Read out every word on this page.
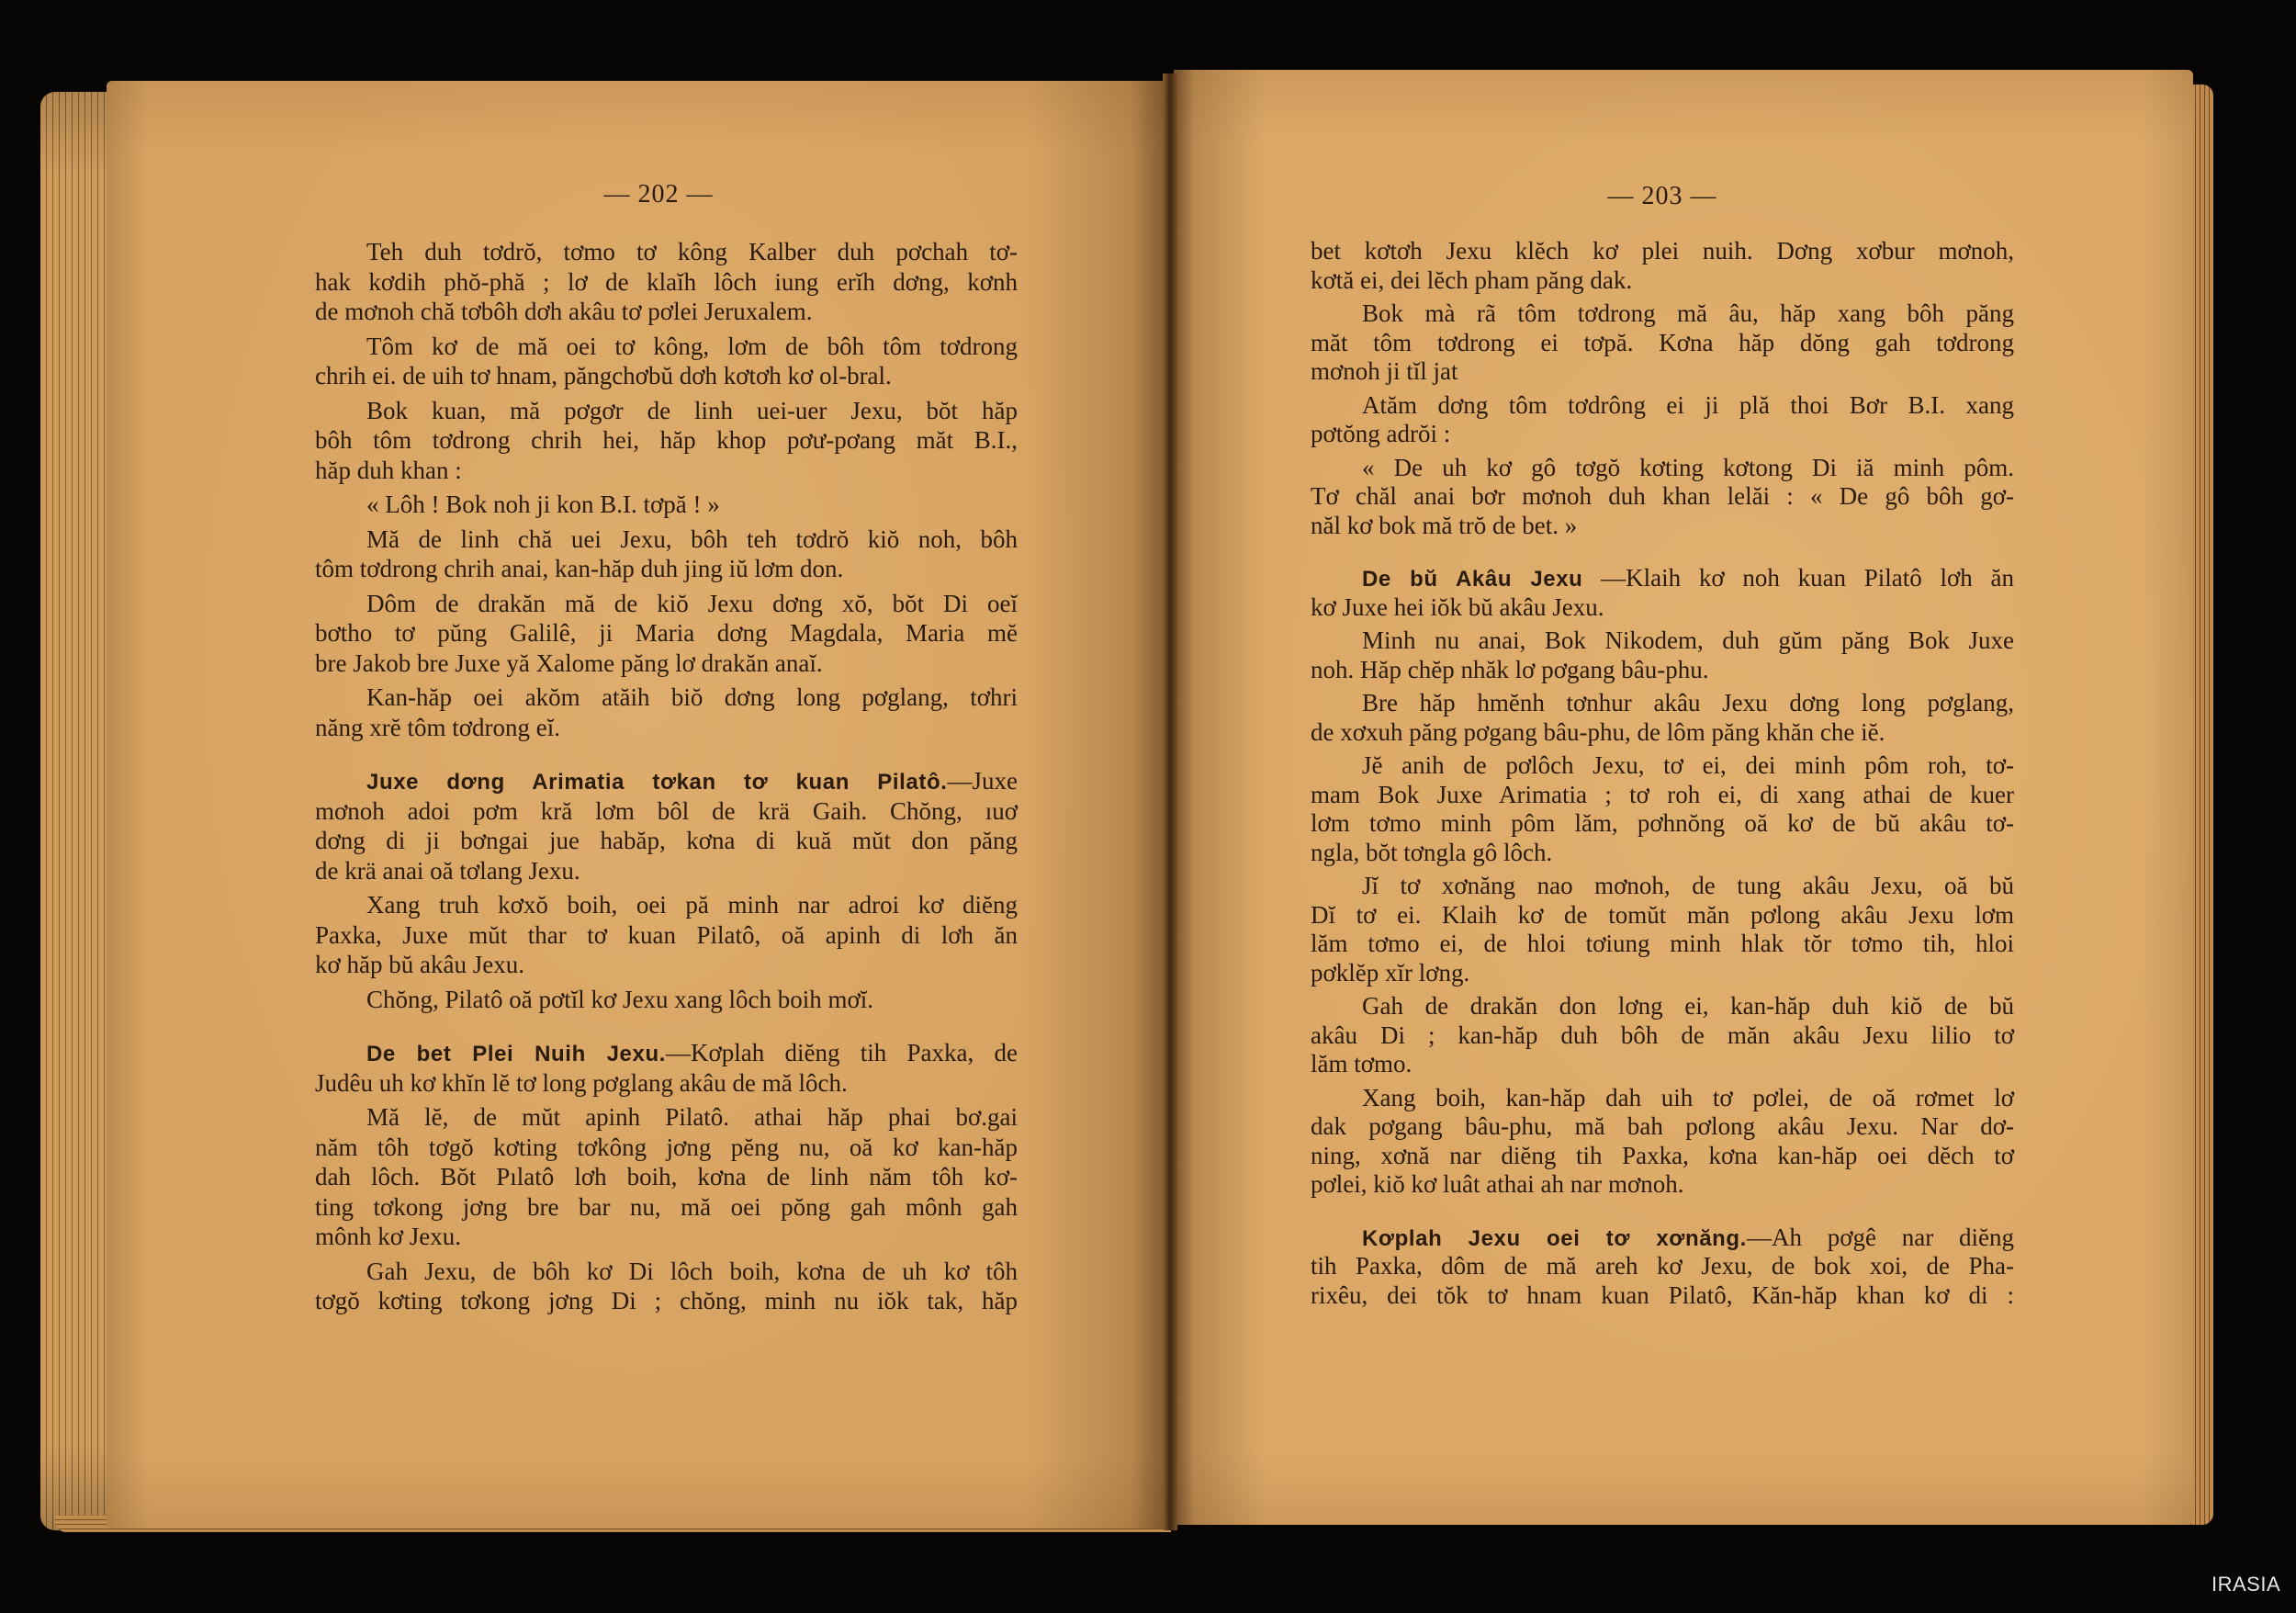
— 202 —	— 203 —
Teh duh tơdrŏ, tơmo tơ kông Kalber duh pơchah tơ-
hak kơdih phŏ-phă ; lơ de klaĭh lôch iung erĭh dơng, kơnh
de mơnoh chă tơbôh dơh akâu tơ pơlei Jeruxalem.
Tôm kơ de mă oei tơ kông, lơm de bôh tôm tơdrong
chrih ei. de uih tơ hnam, păngchơbŭ dơh kơtơh kơ ol-bral.
Bok kuan, mă pơgơr de linh uei-uer Jexu, bŏt hăp
bôh tôm tơdrong chrih hei, hăp khop pơư-pơang măt B.I.,
hăp duh khan :
« Lôh ! Bok noh ji kon B.I. tơpă ! »
Mă de linh chă uei Jexu, bôh teh tơdrŏ kiŏ noh, bôh
tôm tơdrong chrih anai, kan-hăp duh jing iŭ lơm don.
Dôm de drakăn mă de kiŏ Jexu dơng xŏ, bŏt Di oeĭ
bơtho tơ pŭng Galilê, ji Maria dơng Magdala, Maria mĕ
bre Jakob bre Juxe yă Xalome păng lơ drakăn anaĭ.
Kan-hăp oei akŏm atăih biŏ dơng long pơglang, tơhri
năng xrĕ tôm tơdrong eĭ.
Juxe dơng Arimatia tơkan tơ kuan Pilatô.—Juxe
mơnoh adoi pơm kră lơm bôl de krä Gaih. Chŏng, ıuơ
dơng di ji bơngai jue habăp, kơna di kuă mŭt don păng
de krä anai oă tơlang Jexu.
Xang truh kơxŏ boih, oei pă minh nar adroi kơ diĕng
Paxka, Juxe mŭt thar tơ kuan Pilatô, oă apinh di lơh ăn
kơ hăp bŭ akâu Jexu.
Chŏng, Pilatô oă pơtĭl kơ Jexu xang lôch boih mơĭ.
De bet Plei Nuih Jexu.—Kơplah diĕng tih Paxka, de
Judêu uh kơ khĭn lĕ tơ long pơglang akâu de mă lôch.
Mă lĕ, de mŭt apinh Pilatô. athai hăp phai bơ.gai
năm tôh tơgŏ kơting tơkông jơng pĕng nu, oă kơ kan-hăp
dah lôch. Bŏt Pılatô lơh boih, kơna de linh năm tôh kơ-
ting tơkong jơng bre bar nu, mă oei pŏng gah mônh gah
mônh kơ Jexu.
Gah Jexu, de bôh kơ Di lôch boih, kơna de uh kơ tôh
tơgŏ kơting tơkong jơng Di ; chŏng, minh nu iŏk tak, hăp
bet kơtơh Jexu klĕch kơ plei nuih. Dơng xơbur mơnoh,
kơtă ei, dei lĕch pham păng dak.
Bok mà rã tôm tơdrong mă âu, hăp xang bôh păng
măt tôm tơdrong ei tơpă. Kơna hăp dŏng gah tơdrong
mơnoh ji tĭl jat
Atăm dơng tôm tơdrông ei ji plă thoi Bơr B.I. xang
pơtŏng adrŏi :
« De uh kơ gô tơgŏ kơting kơtong Di iă minh pôm.
Tơ chăl anai bơr mơnoh duh khan lelăi : « De gô bôh gơ-
năl kơ bok mă trŏ de bet. »
De bŭ Akâu Jexu —Klaih kơ noh kuan Pilatô lơh ăn
kơ Juxe hei iŏk bŭ akâu Jexu.
Minh nu anai, Bok Nikodem, duh gŭm păng Bok Juxe
noh. Hăp chĕp nhăk lơ pơgang bâu-phu.
Bre hăp hmĕnh tơnhur akâu Jexu dơng long pơglang,
de xơxuh păng pơgang bâu-phu, de lôm păng khăn che iĕ.
Jĕ anih de pơlôch Jexu, tơ ei, dei minh pôm roh, tơ-
mam Bok Juxe Arimatia ; tơ roh ei, di xang athai de kuer
lơm tơmo minh pôm lăm, pơhnŏng oă kơ de bŭ akâu tơ-
ngla, bŏt tơngla gô lôch.
Jĭ tơ xơnăng nao mơnoh, de tung akâu Jexu, oă bŭ
Dĭ tơ ei. Klaih kơ de tomŭt măn pơlong akâu Jexu lơm
lăm tơmo ei, de hloi tơiung minh hlak tŏr tơmo tih, hloi
pơklĕp xĭr lơng.
Gah de drakăn don lơng ei, kan-hăp duh kiŏ de bŭ
akâu Di ; kan-hăp duh bôh de măn akâu Jexu lilio tơ
lăm tơmo.
Xang boih, kan-hăp dah uih tơ pơlei, de oă rơmet lơ
dak pơgang bâu-phu, mă bah pơlong akâu Jexu. Nar dơ-
ning, xơnă nar diĕng tih Paxka, kơna kan-hăp oei dĕch tơ
pơlei, kiŏ kơ luât athai ah nar mơnoh.
Kơplah Jexu oei tơ xơnăng.—Ah pơgê nar diĕng
tih Paxka, dôm de mă areh kơ Jexu, de bok xoi, de Pha-
rixêu, dei tŏk tơ hnam kuan Pilatô, Kăn-hăp khan kơ di :
IRASIA
